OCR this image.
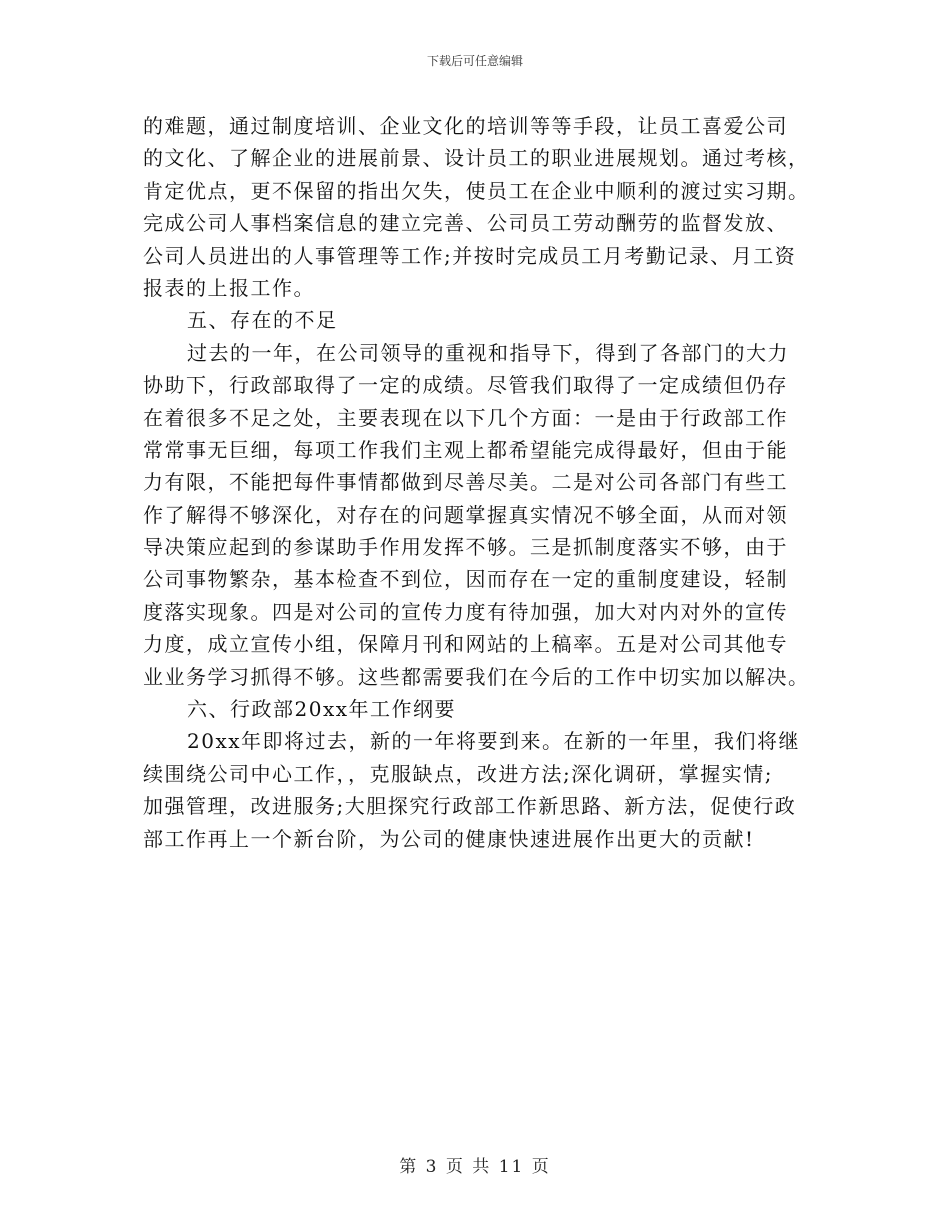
下载后可任意编辑
的难题，通过制度培训、企业文化的培训等等手段，让员工喜爱公司
的文化、了解企业的进展前景、设计员工的职业进展规划。通过考核，
肯定优点，更不保留的指出欠失，使员工在企业中顺利的渡过实习期。
完成公司人事档案信息的建立完善、公司员工劳动酬劳的监督发放、
公司人员进出的人事管理等工作;并按时完成员工月考勤记录、月工资
报表的上报工作。
五、存在的不足
过去的一年，在公司领导的重视和指导下，得到了各部门的大力
协助下，行政部取得了一定的成绩。尽管我们取得了一定成绩但仍存
在着很多不足之处，主要表现在以下几个方面：一是由于行政部工作
常常事无巨细，每项工作我们主观上都希望能完成得最好，但由于能
力有限，不能把每件事情都做到尽善尽美。二是对公司各部门有些工
作了解得不够深化，对存在的问题掌握真实情况不够全面，从而对领
导决策应起到的参谋助手作用发挥不够。三是抓制度落实不够，由于
公司事物繁杂，基本检查不到位，因而存在一定的重制度建设，轻制
度落实现象。四是对公司的宣传力度有待加强，加大对内对外的宣传
力度，成立宣传小组，保障月刊和网站的上稿率。五是对公司其他专
业业务学习抓得不够。这些都需要我们在今后的工作中切实加以解决。
六、行政部20xx年工作纲要
20xx年即将过去，新的一年将要到来。在新的一年里，我们将继
续围绕公司中心工作，，克服缺点，改进方法;深化调研，掌握实情;
加强管理，改进服务;大胆探究行政部工作新思路、新方法，促使行政
部工作再上一个新台阶，为公司的健康快速进展作出更大的贡献!
第 3 页 共 11 页
